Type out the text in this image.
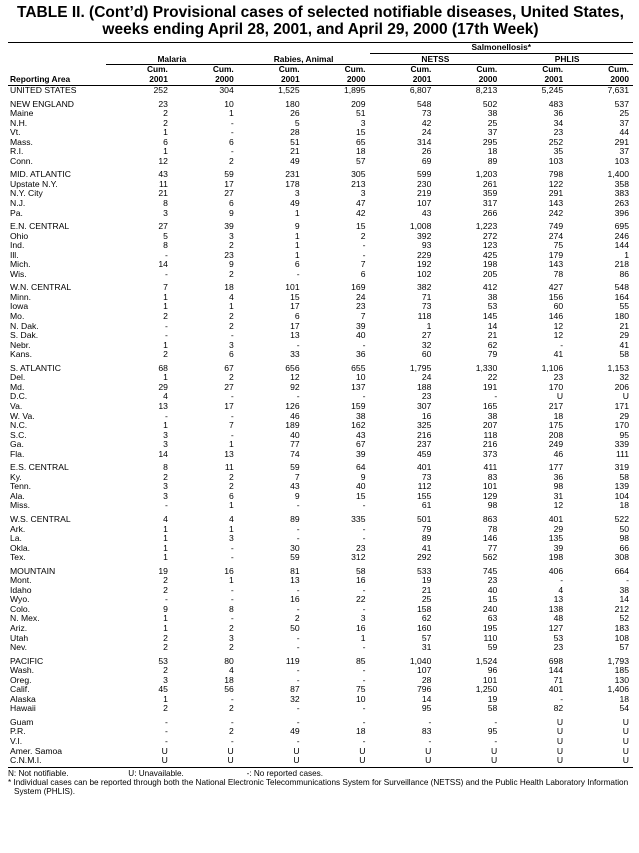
TABLE II. (Cont’d) Provisional cases of selected notifiable diseases, United States,
weeks ending April 28, 2001, and April 29, 2000 (17th Week)
					Salmonellosis*			
	Malaria		Rabies, Animal		NETSS		PHLIS	
	Cum.	Cum.	Cum.	Cum.	Cum.	Cum.	Cum.	Cum.
Reporting Area	2001	2000	2001	2000	2001	2000	2001	2000
UNITED STATES	252	304	1,525	1,895	6,807	8,213	5,245	7,631
NEW ENGLAND	23	10	180	209	548	502	483	537
Maine	2	1	26	51	73	38	36	25
N.H.	2	-	5	3	42	25	34	37
Vt.	1	-	28	15	24	37	23	44
Mass.	6	6	51	65	314	295	252	291
R.I.	1	-	21	18	26	18	35	37
Conn.	12	2	49	57	69	89	103	103
MID. ATLANTIC	43	59	231	305	599	1,203	798	1,400
Upstate N.Y.	11	17	178	213	230	261	122	358
N.Y. City	21	27	3	3	219	359	291	383
N.J.	8	6	49	47	107	317	143	263
Pa.	3	9	1	42	43	266	242	396
E.N. CENTRAL	27	39	9	15	1,008	1,223	749	695
Ohio	5	3	1	2	392	272	274	246
Ind.	8	2	1	-	93	123	75	144
Ill.	-	23	1	-	229	425	179	1
Mich.	14	9	6	7	192	198	143	218
Wis.	-	2	-	6	102	205	78	86
W.N. CENTRAL	7	18	101	169	382	412	427	548
Minn.	1	4	15	24	71	38	156	164
Iowa	1	1	17	23	73	53	60	55
Mo.	2	2	6	7	118	145	146	180
N. Dak.	-	2	17	39	1	14	12	21
S. Dak.	-	-	13	40	27	21	12	29
Nebr.	1	3	-	-	32	62	-	41
Kans.	2	6	33	36	60	79	41	58
S. ATLANTIC	68	67	656	655	1,795	1,330	1,106	1,153
Del.	1	2	12	10	24	22	23	32
Md.	29	27	92	137	188	191	170	206
D.C.	4	-	-	-	23	-	U	U
Va.	13	17	126	159	307	165	217	171
W. Va.	-	-	46	38	16	38	18	29
N.C.	1	7	189	162	325	207	175	170
S.C.	3	-	40	43	216	118	208	95
Ga.	3	1	77	67	237	216	249	339
Fla.	14	13	74	39	459	373	46	111
E.S. CENTRAL	8	11	59	64	401	411	177	319
Ky.	2	2	7	9	73	83	36	58
Tenn.	3	2	43	40	112	101	98	139
Ala.	3	6	9	15	155	129	31	104
Miss.	-	1	-	-	61	98	12	18
W.S. CENTRAL	4	4	89	335	501	863	401	522
Ark.	1	1	-	-	79	78	29	50
La.	1	3	-	-	89	146	135	98
Okla.	1	-	30	23	41	77	39	66
Tex.	1	-	59	312	292	562	198	308
MOUNTAIN	19	16	81	58	533	745	406	664
Mont.	2	1	13	16	19	23	-	-
Idaho	2	-	-	-	21	40	4	38
Wyo.	-	-	16	22	25	15	13	14
Colo.	9	8	-	-	158	240	138	212
N. Mex.	1	-	2	3	62	63	48	52
Ariz.	1	2	50	16	160	195	127	183
Utah	2	3	-	1	57	110	53	108
Nev.	2	2	-	-	31	59	23	57
PACIFIC	53	80	119	85	1,040	1,524	698	1,793
Wash.	2	4	-	-	107	96	144	185
Oreg.	3	18	-	-	28	101	71	130
Calif.	45	56	87	75	796	1,250	401	1,406
Alaska	1	-	32	10	14	19	-	18
Hawaii	2	2	-	-	95	58	82	54
Guam	-	-	-	-	-	-	U	U
P.R.	-	2	49	18	83	95	U	U
V.I.	-	-	-	-	-	-	U	U
Amer. Samoa	U	U	U	U	U	U	U	U
C.N.M.I.	U	U	U	U	U	U	U	U
N: Not notifiable.	U: Unavailable.	-: No reported cases.
* Individual cases can be reported through both the National Electronic Telecommunications System for Surveillance (NETSS) and the Public Health Laboratory Information System (PHLIS).
